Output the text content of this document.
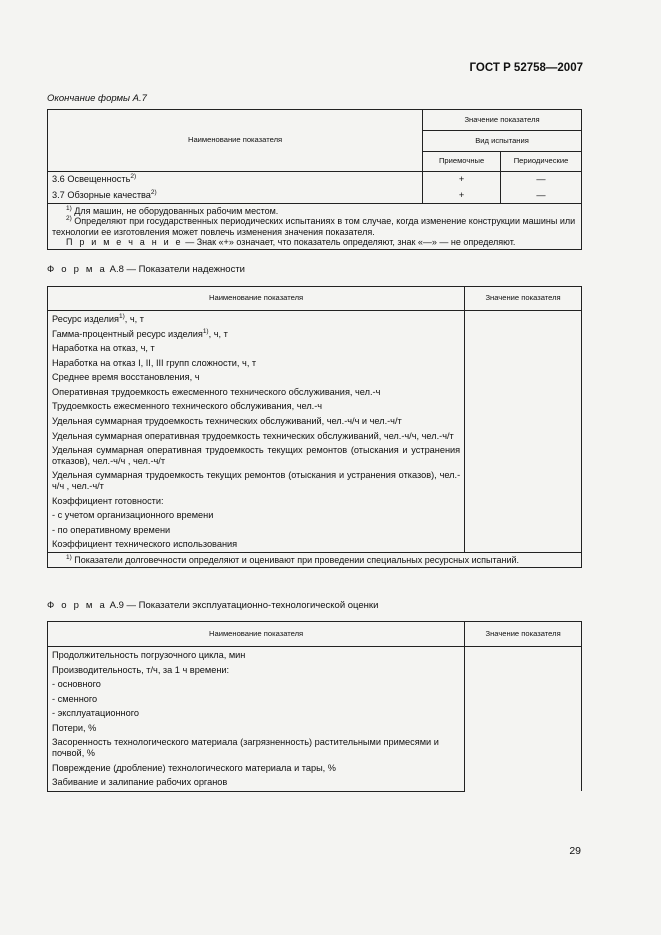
ГОСТ Р 52758—2007
Окончание формы А.7
Наименование показателя	Значение показателя	
	Вид испытания	
	Приемочные	Периодические
3.6 Освещенность$^{2)}$	+	—
3.7 Обзорные качества$^{2)}$	+	—

$^{1)}$ Для машин, не оборудованных рабочим местом.
$^{2)}$ Определяют при государственных периодических испытаниях в том случае, когда изменение конструкции машины или технологии ее изготовления может повлечь изменения значения показателя.
П р и м е ч а н и е — Знак «+» означает, что показатель определяют, знак «—» — не определяют.		
Ф о р м а А.8 — Показатели надежности
Наименование показателя	Значение показателя
Ресурс изделия$^{1)}$, ч, т	
Гамма-процентный ресурс изделия$^{1)}$, ч, т	
Наработка на отказ, ч, т	
Наработка на отказ I, II, III групп сложности, ч, т	
Среднее время восстановления, ч	
Оперативная трудоемкость ежесменного технического обслуживания, чел.-ч	
Трудоемкость ежесменного технического обслуживания, чел.-ч	
Удельная суммарная трудоемкость технических обслуживаний, чел.-ч/ч и чел.-ч/т	
Удельная суммарная оперативная трудоемкость технических обслуживаний, чел.-ч/ч, чел.-ч/т	
Удельная суммарная оперативная трудоемкость текущих ремонтов (отыскания и устранения отказов), чел.-ч/ч , чел.-ч/т	
Удельная суммарная трудоемкость текущих ремонтов (отыскания и устранения отказов), чел.-ч/ч , чел.-ч/т	
Коэффициент готовности:	
- с учетом организационного времени	
- по оперативному времени	
Коэффициент технического использования	
$^{1)}$ Показатели долговечности определяют и оценивают при проведении специальных ресурсных испытаний.	
Ф о р м а А.9 — Показатели эксплуатационно-технологической оценки
Наименование показателя	Значение показателя
Продолжительность погрузочного цикла, мин	
Производительность, т/ч, за 1 ч времени:	
- основного	
- сменного	
- эксплуатационного	
Потери, %	
Засоренность технологического материала (загрязненность) растительными примесями и почвой, %	
Повреждение (дробление) технологического материала и тары, %	
Забивание и залипание рабочих органов	
29
